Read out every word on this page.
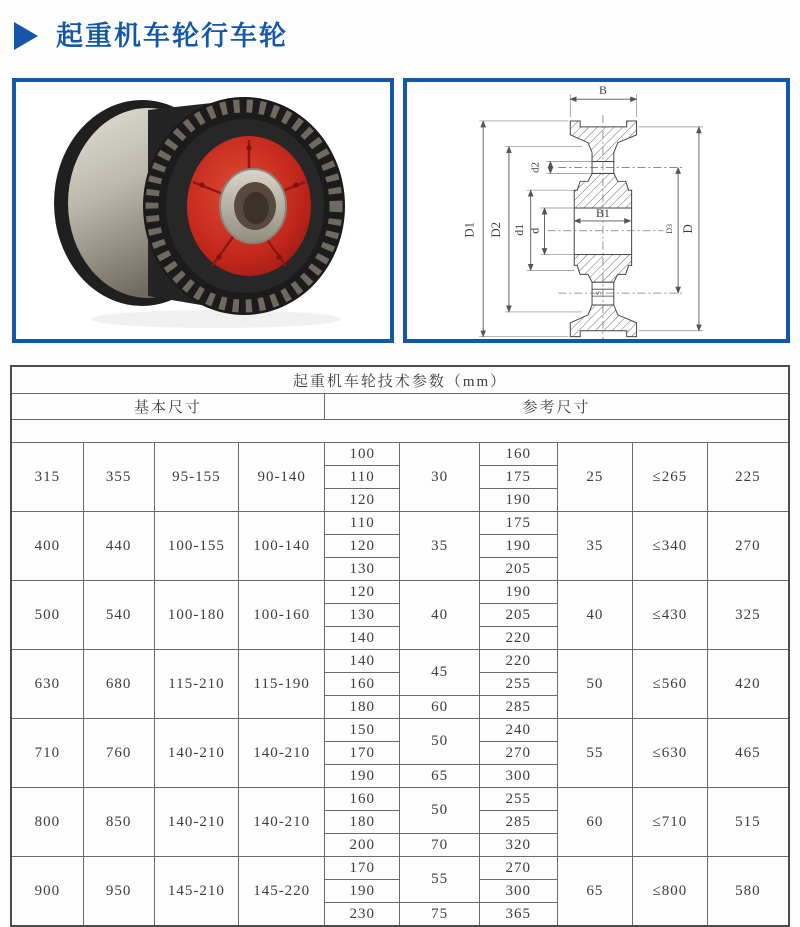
起重机车轮行车轮
B
d2
D1 D2 d1 d
B1
S
D3 D
起重机车轮技术参数（mm）									
基本尺寸				参考尺寸					

315	355	95-155	90-140	100	30	160	25	≤265	225
				110		175			
				120		190			
400	440	100-155	100-140	110	35	175	35	≤340	270
				120		190			
				130		205			
500	540	100-180	100-160	120	40	190	40	≤430	325
				130		205			
				140		220			
630	680	115-210	115-190	140	45	220	50	≤560	420
				160		255			
				180	60	285			
710	760	140-210	140-210	150	50	240	55	≤630	465
				170		270			
				190	65	300			
800	850	140-210	140-210	160	50	255	60	≤710	515
				180		285			
				200	70	320			
900	950	145-210	145-220	170	55	270	65	≤800	580
				190		300			
				230	75	365			
